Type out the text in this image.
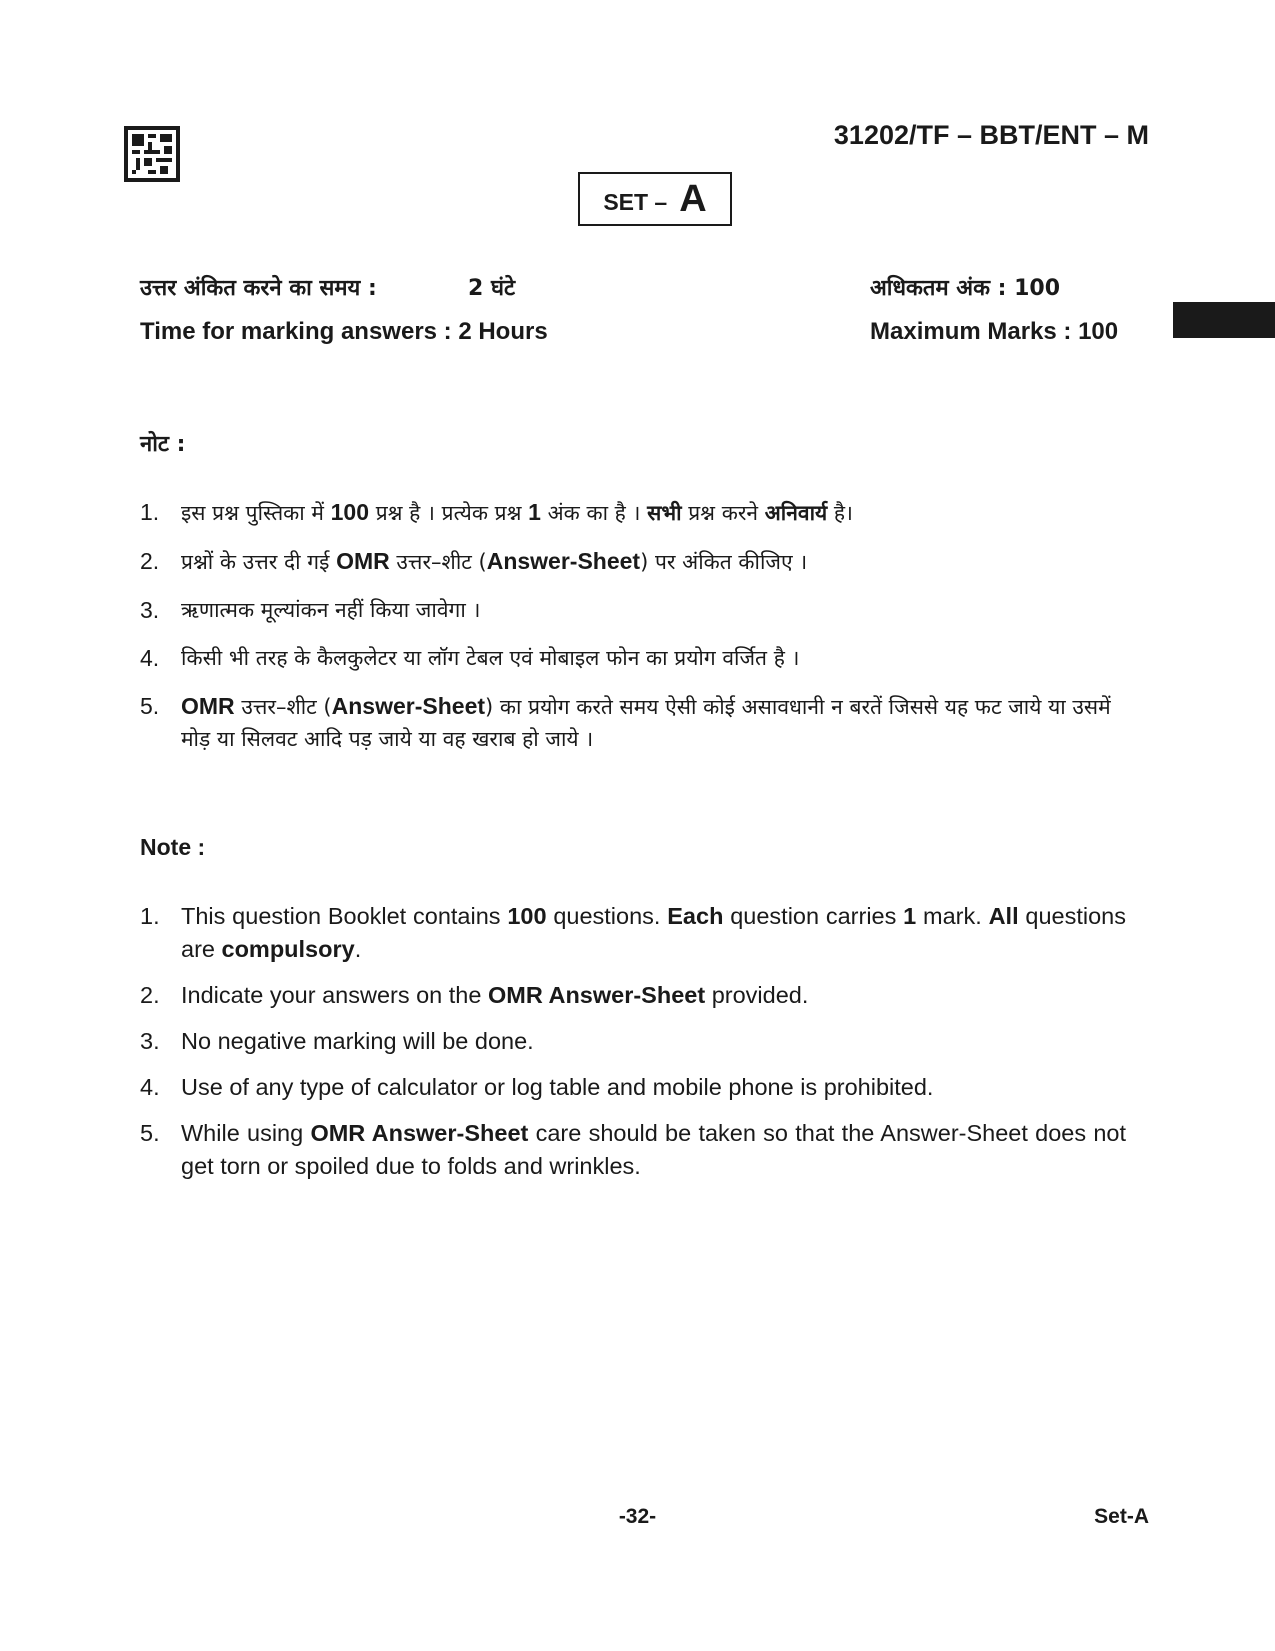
31202/TF – BBT/ENT – M
SET – A
उत्तर अंकित करने का समय :	2 घंटे	अधिकतम अंक : 100
Time for marking answers : 2 Hours	Maximum Marks : 100
नोट :
1.	इस प्रश्न पुस्तिका में 100 प्रश्न है । प्रत्येक प्रश्न 1 अंक का है । सभी प्रश्न करने अनिवार्य है।
2.	प्रश्नों के उत्तर दी गई OMR उत्तर–शीट (Answer-Sheet) पर अंकित कीजिए ।
3.	ऋणात्मक मूल्यांकन नहीं किया जावेगा ।
4.	किसी भी तरह के कैलकुलेटर या लॉग टेबल एवं मोबाइल फोन का प्रयोग वर्जित है ।
5. OMR उत्तर–शीट (Answer-Sheet) का प्रयोग करते समय ऐसी कोई असावधानी न बरतें जिससे यह फट जाये या उसमें मोड़ या सिलवट आदि पड़ जाये या वह खराब हो जाये ।
Note :
1. This question Booklet contains 100 questions. Each question carries 1 mark. All questions are compulsory.
2. Indicate your answers on the OMR Answer-Sheet provided.
3. No negative marking will be done.
4. Use of any type of calculator or log table and mobile phone is prohibited.
5. While using OMR Answer-Sheet care should be taken so that the Answer-Sheet does not get torn or spoiled due to folds and wrinkles.
-32-	Set-A
